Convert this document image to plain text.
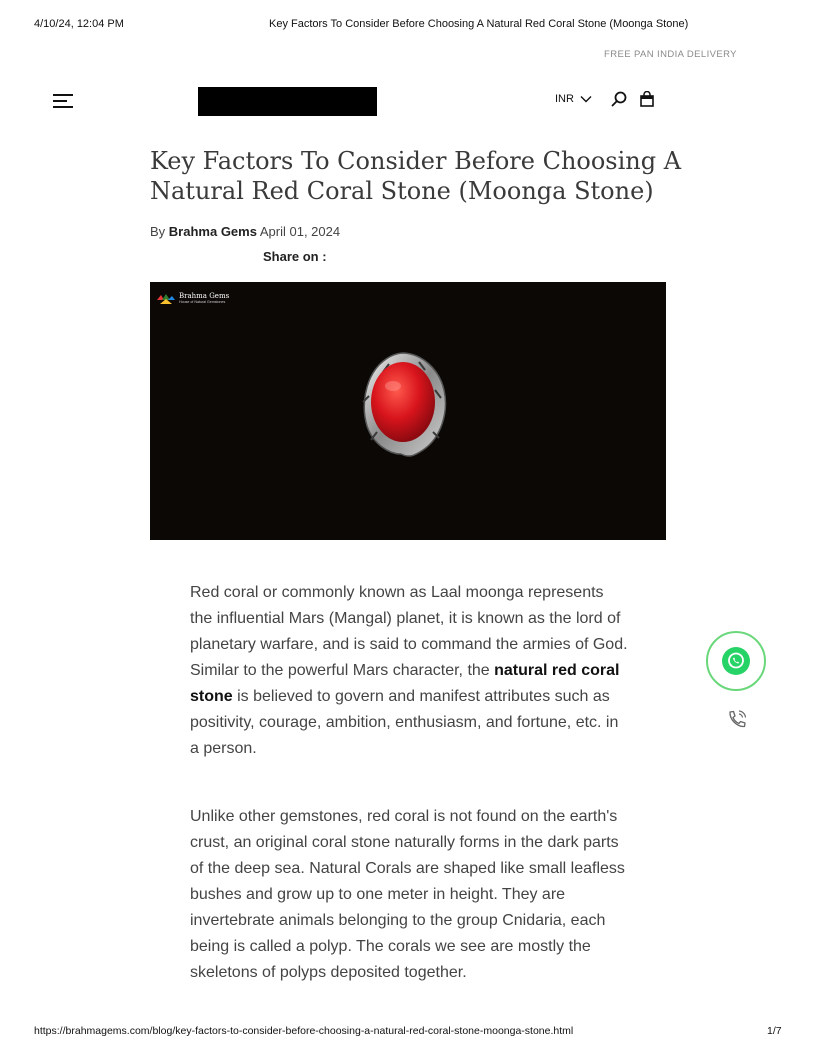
4/10/24, 12:04 PM	Key Factors To Consider Before Choosing A Natural Red Coral Stone (Moonga Stone)
FREE PAN INDIA DELIVERY
INR
Key Factors To Consider Before Choosing A Natural Red Coral Stone (Moonga Stone)
By Brahma Gems April 01, 2024
Share on :
Brahma Gems
House of Natural Gemstones

Red coral or commonly known as Laal moonga represents the influential Mars (Mangal) planet, it is known as the lord of planetary warfare, and is said to command the armies of God. Similar to the powerful Mars character, the natural red coral stone is believed to govern and manifest attributes such as positivity, courage, ambition, enthusiasm, and fortune, etc. in a person.

Unlike other gemstones, red coral is not found on the earth's crust, an original coral stone naturally forms in the dark parts of the deep sea. Natural Corals are shaped like small leafless bushes and grow up to one meter in height. They are invertebrate animals belonging to the group Cnidaria, each being is called a polyp. The corals we see are mostly the skeletons of polyps deposited together.

https://brahmagems.com/blog/key-factors-to-consider-before-choosing-a-natural-red-coral-stone-moonga-stone.html	1/7
